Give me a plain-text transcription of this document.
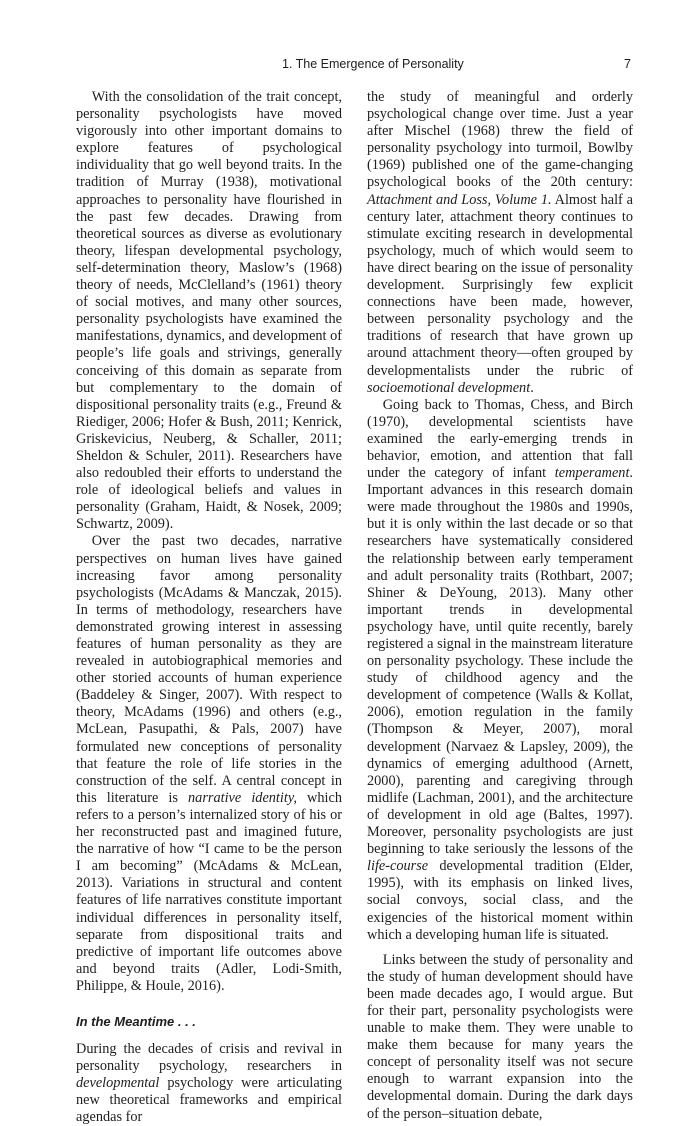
1. The Emergence of Personality	7

With the consolidation of the trait concept, personality psychologists have moved vigorously into other important domains to explore features of psychological individuality that go well beyond traits. In the tradition of Murray (1938), motivational approaches to personality have flourished in the past few decades. Drawing from theoretical sources as diverse as evolutionary theory, lifespan developmental psychology, self-determination theory, Maslow’s (1968) theory of needs, McClelland’s (1961) theory of social motives, and many other sources, personality psychologists have examined the manifestations, dynamics, and development of people’s life goals and strivings, generally conceiving of this domain as separate from but complementary to the domain of dispositional personality traits (e.g., Freund & Riediger, 2006; Hofer & Bush, 2011; Kenrick, Griskevicius, Neuberg, & Schaller, 2011; Sheldon & Schuler, 2011). Researchers have also redoubled their efforts to understand the role of ideological beliefs and values in personality (Graham, Haidt, & Nosek, 2009; Schwartz, 2009).

Over the past two decades, narrative perspectives on human lives have gained increasing favor among personality psychologists (McAdams & Manczak, 2015). In terms of methodology, researchers have demonstrated growing interest in assessing features of human personality as they are revealed in autobiographical memories and other storied accounts of human experience (Baddeley & Singer, 2007). With respect to theory, McAdams (1996) and others (e.g., McLean, Pasupathi, & Pals, 2007) have formulated new conceptions of personality that feature the role of life stories in the construction of the self. A central concept in this literature is narrative identity, which refers to a person’s internalized story of his or her reconstructed past and imagined future, the narrative of how “I came to be the person I am becoming” (McAdams & McLean, 2013). Variations in structural and content features of life narratives constitute important individual differences in personality itself, separate from dispositional traits and predictive of important life outcomes above and beyond traits (Adler, Lodi-Smith, Philippe, & Houle, 2016).

In the Meantime . . .

During the decades of crisis and revival in personality psychology, researchers in developmental psychology were articulating new theoretical frameworks and empirical agendas for

the study of meaningful and orderly psychological change over time. Just a year after Mischel (1968) threw the field of personality psychology into turmoil, Bowlby (1969) published one of the game-changing psychological books of the 20th century: Attachment and Loss, Volume 1. Almost half a century later, attachment theory continues to stimulate exciting research in developmental psychology, much of which would seem to have direct bearing on the issue of personality development. Surprisingly few explicit connections have been made, however, between personality psychology and the traditions of research that have grown up around attachment theory—often grouped by developmentalists under the rubric of socioemotional development.

Going back to Thomas, Chess, and Birch (1970), developmental scientists have examined the early-emerging trends in behavior, emotion, and attention that fall under the category of infant temperament. Important advances in this research domain were made throughout the 1980s and 1990s, but it is only within the last decade or so that researchers have systematically considered the relationship between early temperament and adult personality traits (Rothbart, 2007; Shiner & DeYoung, 2013). Many other important trends in developmental psychology have, until quite recently, barely registered a signal in the mainstream literature on personality psychology. These include the study of childhood agency and the development of competence (Walls & Kollat, 2006), emotion regulation in the family (Thompson & Meyer, 2007), moral development (Narvaez & Lapsley, 2009), the dynamics of emerging adulthood (Arnett, 2000), parenting and caregiving through midlife (Lachman, 2001), and the architecture of development in old age (Baltes, 1997). Moreover, personality psychologists are just beginning to take seriously the lessons of the life-course developmental tradition (Elder, 1995), with its emphasis on linked lives, social convoys, social class, and the exigencies of the historical moment within which a developing human life is situated.

Links between the study of personality and the study of human development should have been made decades ago, I would argue. But for their part, personality psychologists were unable to make them. They were unable to make them because for many years the concept of personality itself was not secure enough to warrant expansion into the developmental domain. During the dark days of the person–situation debate,
